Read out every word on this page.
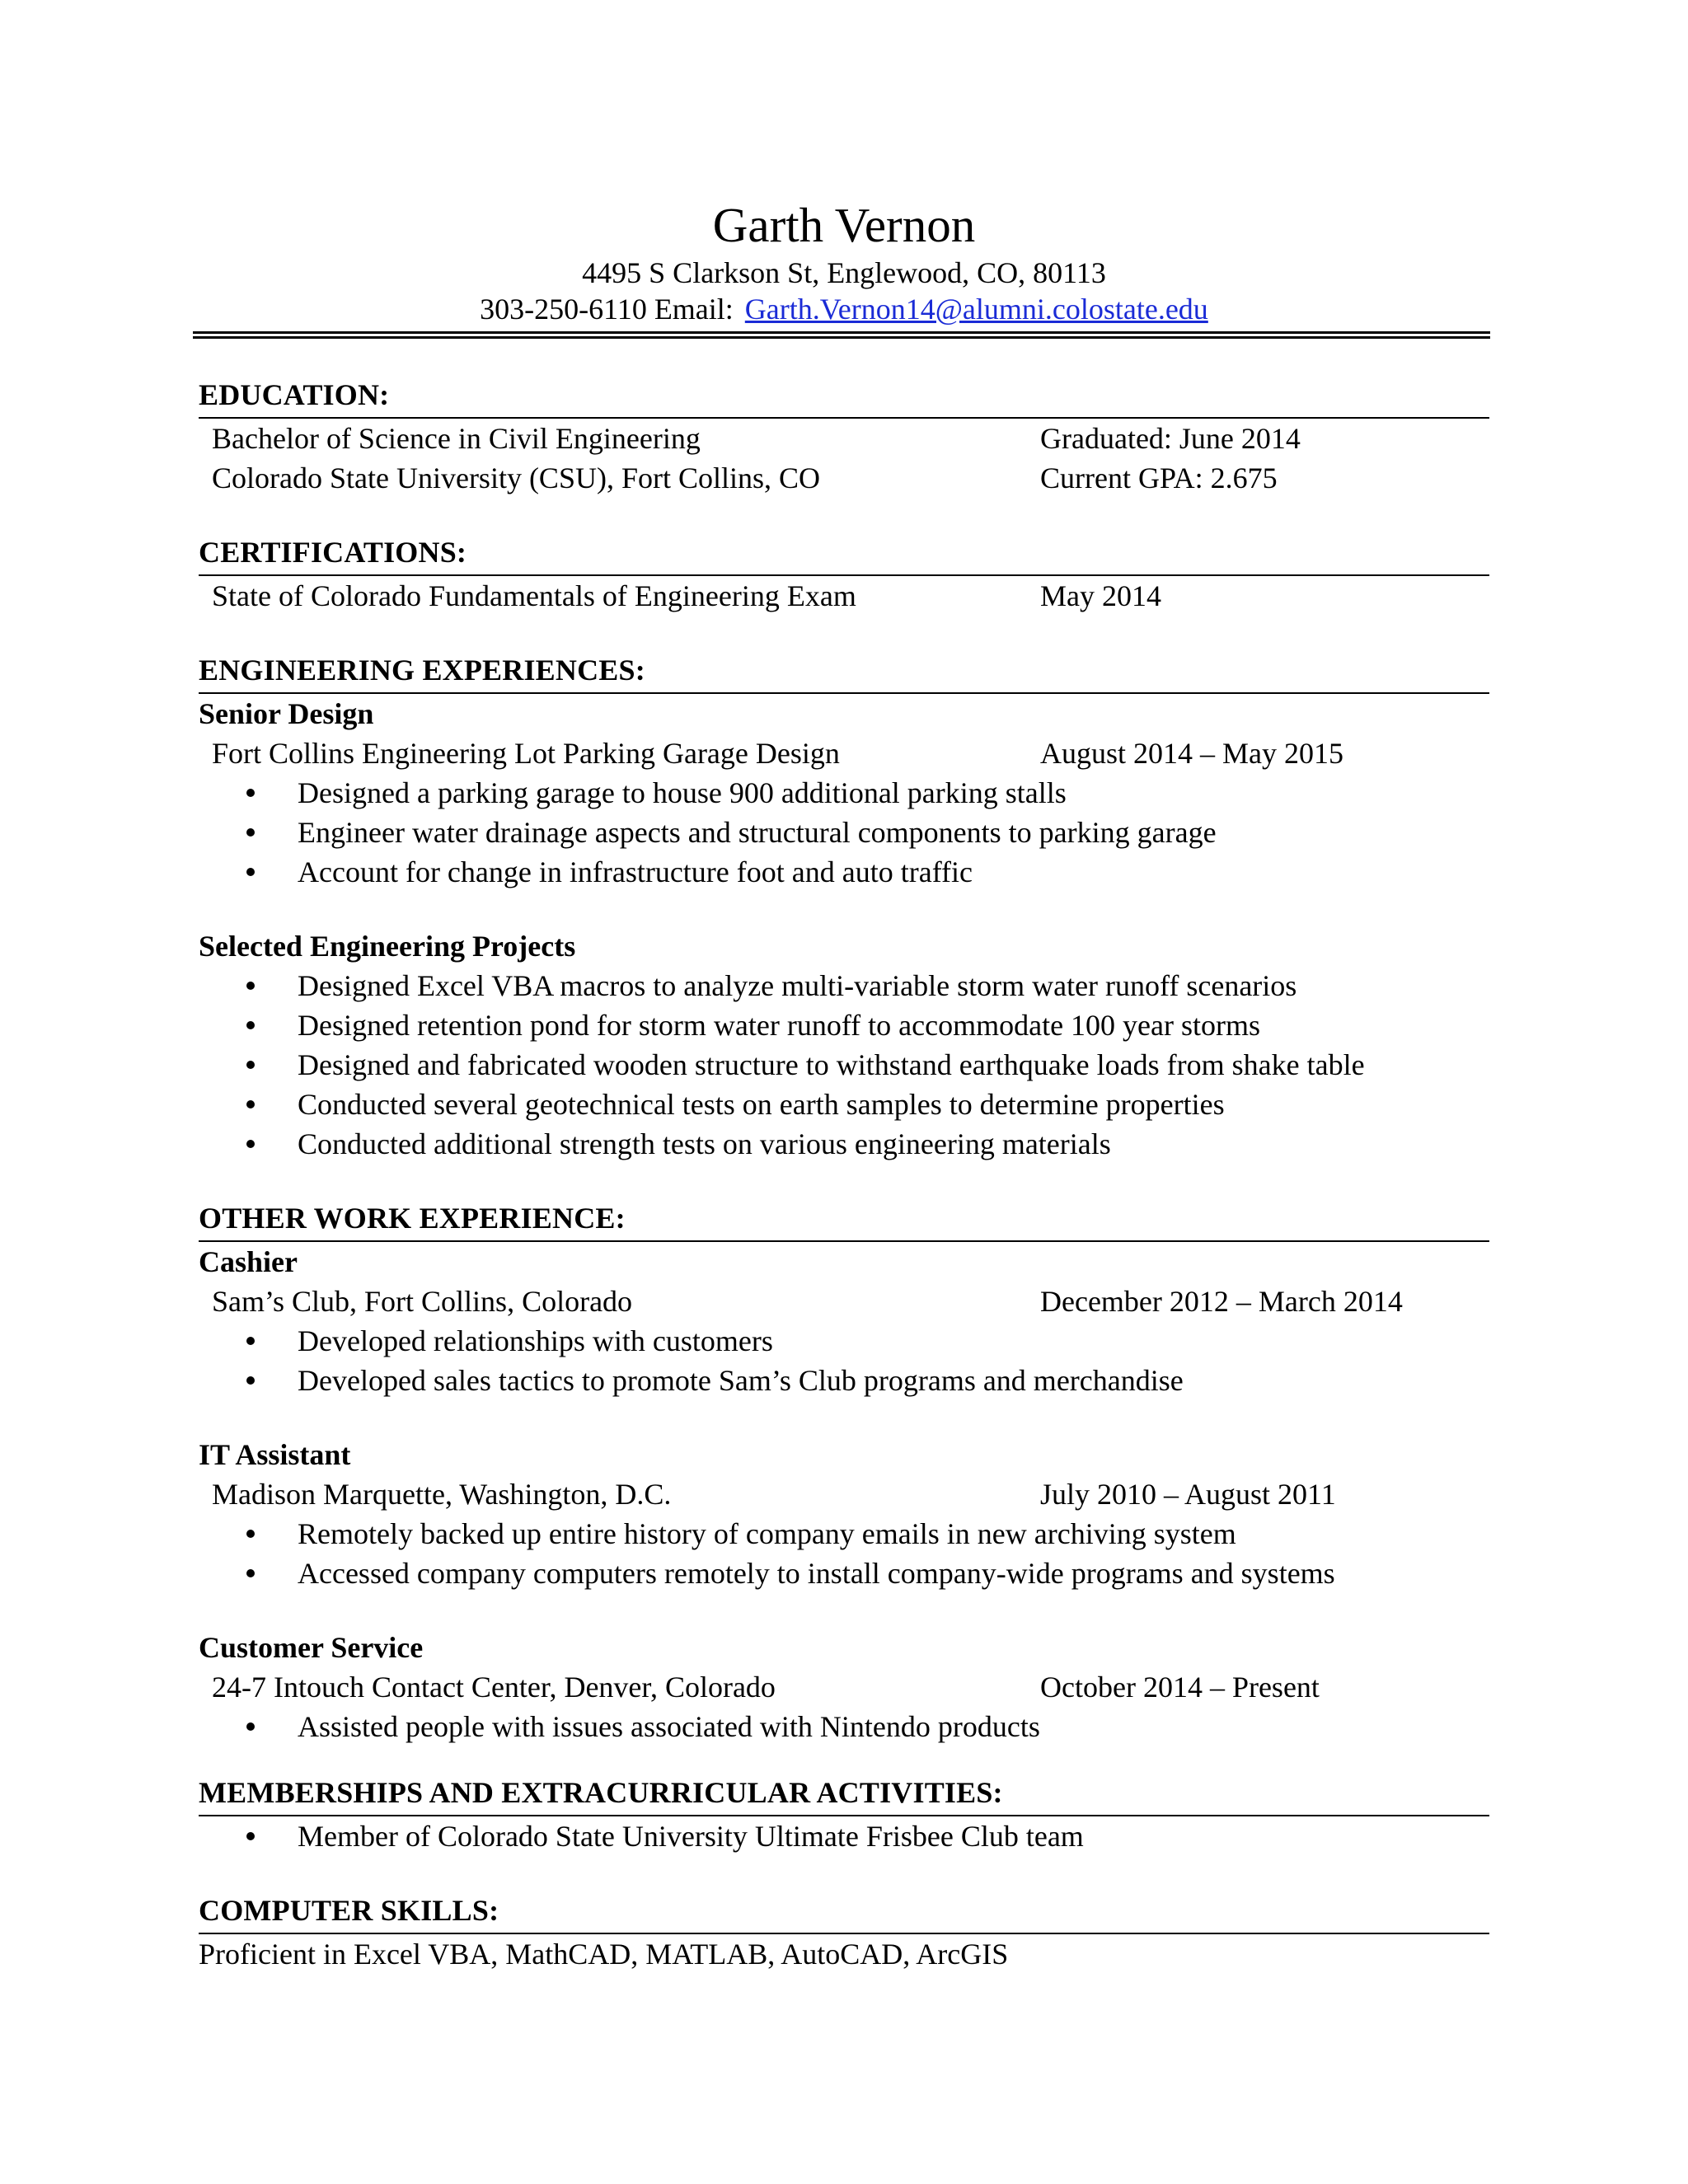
Garth Vernon
4495 S Clarkson St, Englewood, CO, 80113
303-250-6110 Email: Garth.Vernon14@alumni.colostate.edu
EDUCATION:
Bachelor of Science in Civil Engineering	Graduated: June 2014
Colorado State University (CSU), Fort Collins, CO	Current GPA: 2.675
CERTIFICATIONS:
State of Colorado Fundamentals of Engineering Exam	May 2014
ENGINEERING EXPERIENCES:
Senior Design
Fort Collins Engineering Lot Parking Garage Design	August 2014 – May 2015
Designed a parking garage to house 900 additional parking stalls
Engineer water drainage aspects and structural components to parking garage
Account for change in infrastructure foot and auto traffic
Selected Engineering Projects
Designed Excel VBA macros to analyze multi-variable storm water runoff scenarios
Designed retention pond for storm water runoff to accommodate 100 year storms
Designed and fabricated wooden structure to withstand earthquake loads from shake table
Conducted several geotechnical tests on earth samples to determine properties
Conducted additional strength tests on various engineering materials
OTHER WORK EXPERIENCE:
Cashier
Sam’s Club, Fort Collins, Colorado	December 2012 – March 2014
Developed relationships with customers
Developed sales tactics to promote Sam’s Club programs and merchandise
IT Assistant
Madison Marquette, Washington, D.C.	July 2010 – August 2011
Remotely backed up entire history of company emails in new archiving system
Accessed company computers remotely to install company-wide programs and systems
Customer Service
24-7 Intouch Contact Center, Denver, Colorado	October 2014 – Present
Assisted people with issues associated with Nintendo products
MEMBERSHIPS AND EXTRACURRICULAR ACTIVITIES:
Member of Colorado State University Ultimate Frisbee Club team
COMPUTER SKILLS:
Proficient in Excel VBA, MathCAD, MATLAB, AutoCAD, ArcGIS
